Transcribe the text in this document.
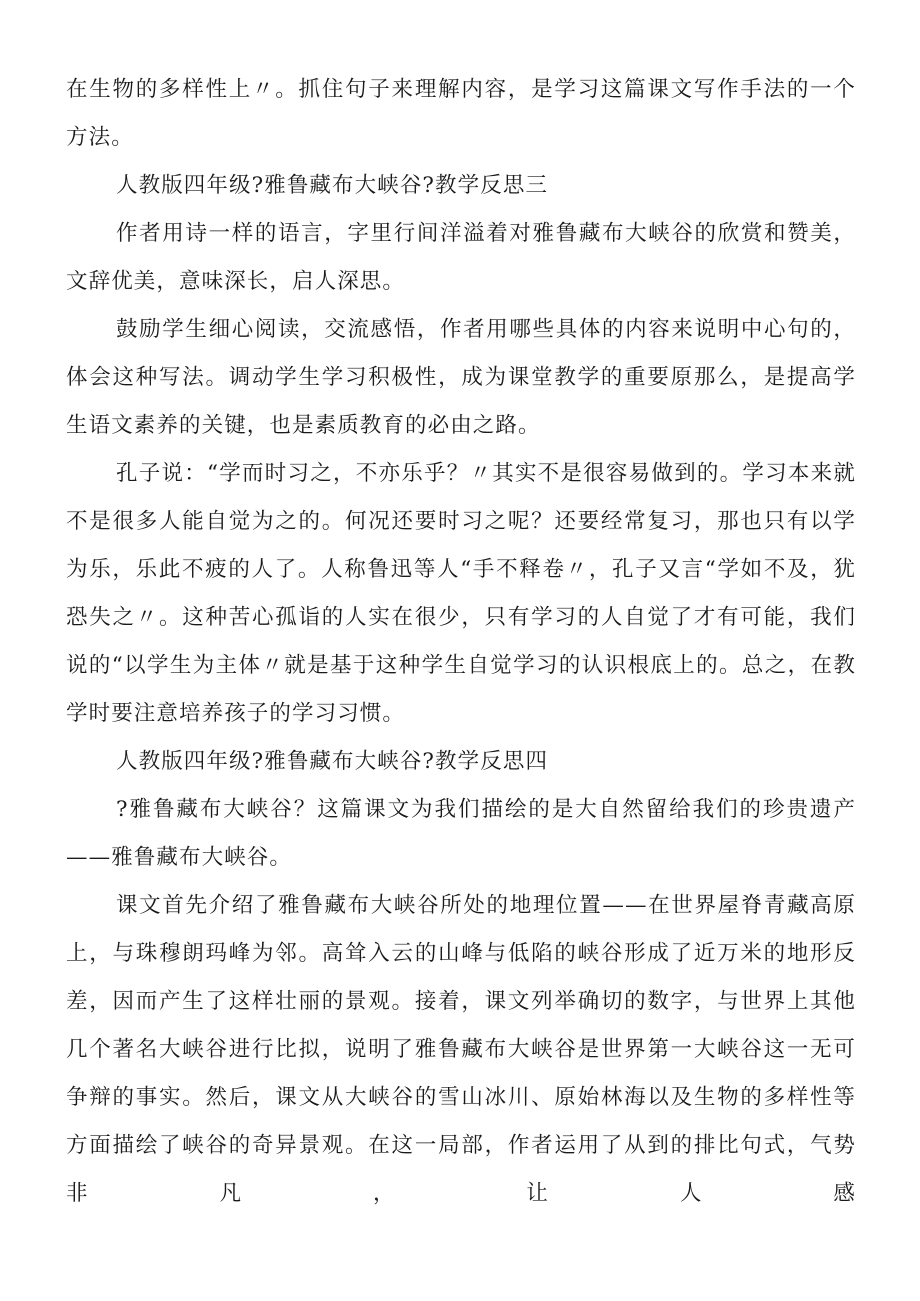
在生物的多样性上〃。抓住句子来理解内容，是学习这篇课文写作手法的一个方法。

人教版四年级?雅鲁藏布大峡谷?教学反思三

作者用诗一样的语言，字里行间洋溢着对雅鲁藏布大峡谷的欣赏和赞美，文辞优美，意味深长，启人深思。

鼓励学生细心阅读，交流感悟，作者用哪些具体的内容来说明中心句的，体会这种写法。调动学生学习积极性，成为课堂教学的重要原那么，是提高学生语文素养的关键，也是素质教育的必由之路。

孔子说：“学而时习之，不亦乐乎？〃其实不是很容易做到的。学习本来就不是很多人能自觉为之的。何况还要时习之呢？还要经常复习，那也只有以学为乐，乐此不疲的人了。人称鲁迅等人“手不释卷〃，孔子又言“学如不及，犹恐失之〃。这种苦心孤诣的人实在很少，只有学习的人自觉了才有可能，我们说的“以学生为主体〃就是基于这种学生自觉学习的认识根底上的。总之，在教学时要注意培养孩子的学习习惯。

人教版四年级?雅鲁藏布大峡谷?教学反思四

?雅鲁藏布大峡谷？这篇课文为我们描绘的是大自然留给我们的珍贵遗产——雅鲁藏布大峡谷。

课文首先介绍了雅鲁藏布大峡谷所处的地理位置——在世界屋脊青藏高原上，与珠穆朗玛峰为邻。高耸入云的山峰与低陷的峡谷形成了近万米的地形反差，因而产生了这样壮丽的景观。接着，课文列举确切的数字，与世界上其他几个著名大峡谷进行比拟，说明了雅鲁藏布大峡谷是世界第一大峡谷这一无可争辩的事实。然后，课文从大峡谷的雪山冰川、原始林海以及生物的多样性等方面描绘了峡谷的奇异景观。在这一局部，作者运用了从到的排比句式，气势非凡，让人感
